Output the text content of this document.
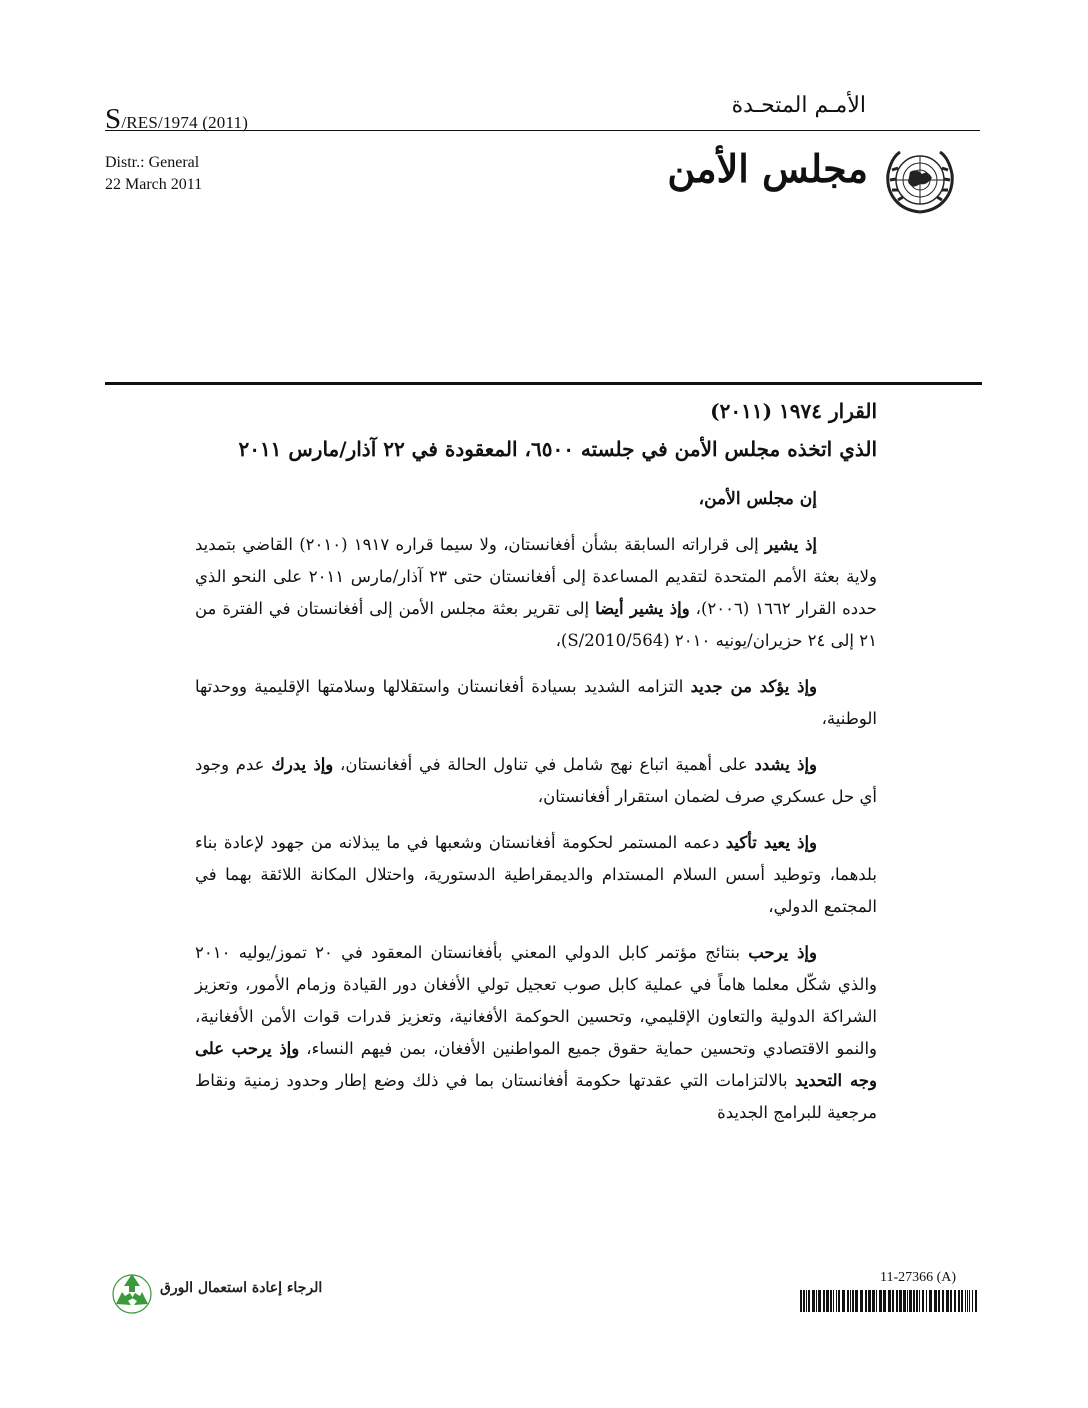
S/RES/1974 (2011)
Distr.: General
22 March 2011
الأمـم المتحـدة
مجلس الأمن
القرار ١٩٧٤ (٢٠١١)
الذي اتخذه مجلس الأمن في جلسته ٦٥٠٠، المعقودة في ٢٢ آذار/مارس ٢٠١١
إن مجلس الأمن،

إذ يشير إلى قراراته السابقة بشأن أفغانستان، ولا سيما قراره ١٩١٧ (٢٠١٠) القاضي بتمديد ولاية بعثة الأمم المتحدة لتقديم المساعدة إلى أفغانستان حتى ٢٣ آذار/مارس ٢٠١١ على النحو الذي حدده القرار ١٦٦٢ (٢٠٠٦)، وإذ يشير أيضا إلى تقرير بعثة مجلس الأمن إلى أفغانستان في الفترة من ٢١ إلى ٢٤ حزيران/يونيه ٢٠١٠ (S/2010/564)،

وإذ يؤكد من جديد التزامه الشديد بسيادة أفغانستان واستقلالها وسلامتها الإقليمية ووحدتها الوطنية،

وإذ يشدد على أهمية اتباع نهج شامل في تناول الحالة في أفغانستان، وإذ يدرك عدم وجود أي حل عسكري صرف لضمان استقرار أفغانستان،

وإذ يعيد تأكيد دعمه المستمر لحكومة أفغانستان وشعبها في ما يبذلانه من جهود لإعادة بناء بلدهما، وتوطيد أسس السلام المستدام والديمقراطية الدستورية، واحتلال المكانة اللائقة بهما في المجتمع الدولي،

وإذ يرحب بنتائج مؤتمر كابل الدولي المعني بأفغانستان المعقود في ٢٠ تموز/يوليه ٢٠١٠ والذي شكّل معلما هاماً في عملية كابل صوب تعجيل تولي الأفغان دور القيادة وزمام الأمور، وتعزيز الشراكة الدولية والتعاون الإقليمي، وتحسين الحوكمة الأفغانية، وتعزيز قدرات قوات الأمن الأفغانية، والنمو الاقتصادي وتحسين حماية حقوق جميع المواطنين الأفغان، بمن فيهم النساء، وإذ يرحب على وجه التحديد بالالتزامات التي عقدتها حكومة أفغانستان بما في ذلك وضع إطار وحدود زمنية ونقاط مرجعية للبرامج الجديدة

الرجاء إعادة استعمال الورق
11-27366 (A)
